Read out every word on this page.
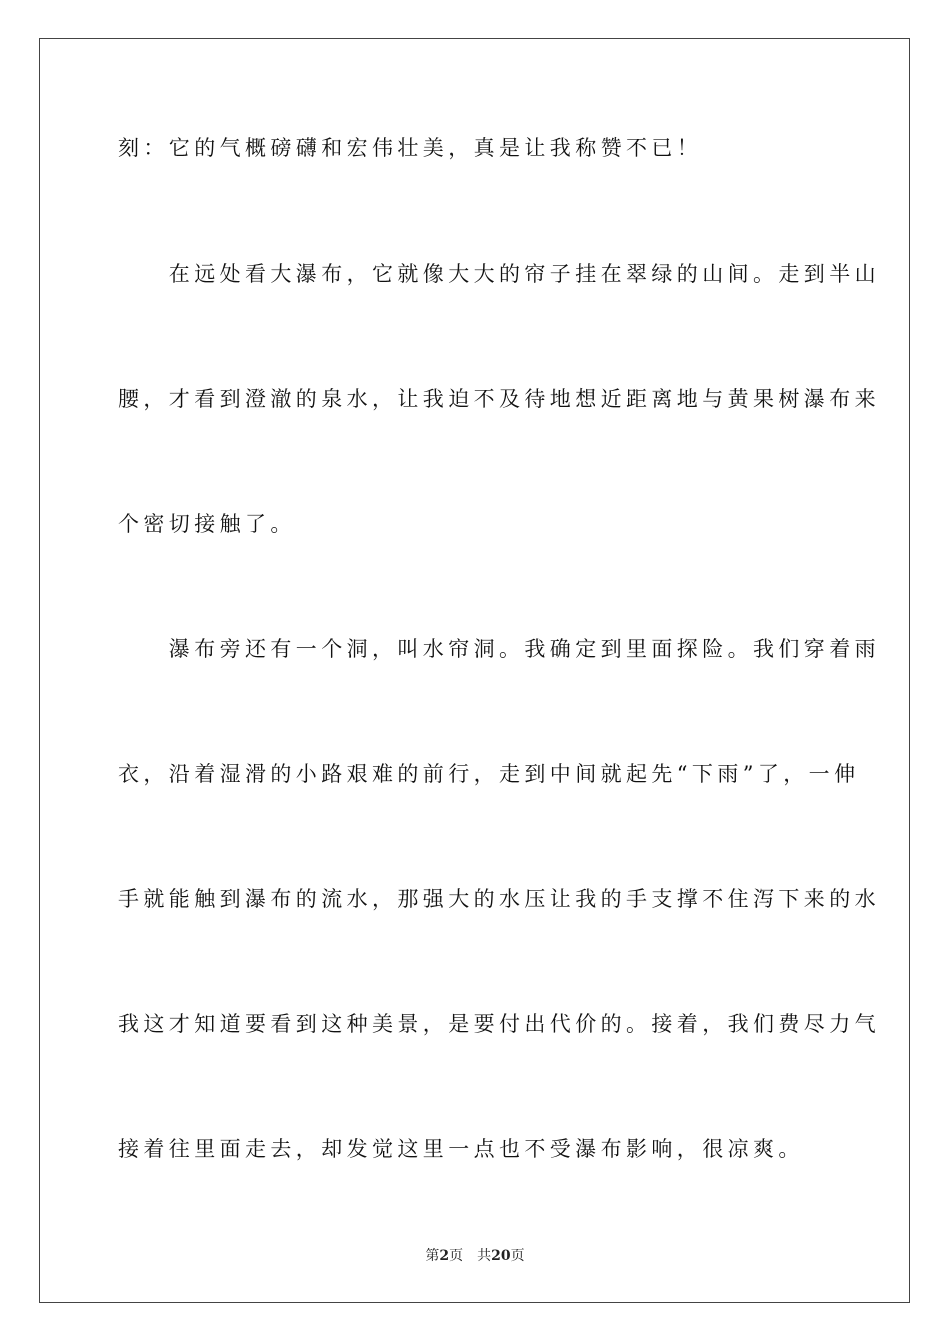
刻：它的气概磅礴和宏伟壮美，真是让我称赞不已！
　　在远处看大瀑布，它就像大大的帘子挂在翠绿的山间。走到半山
腰，才看到澄澈的泉水，让我迫不及待地想近距离地与黄果树瀑布来
个密切接触了。
　　瀑布旁还有一个洞，叫水帘洞。我确定到里面探险。我们穿着雨
衣，沿着湿滑的小路艰难的前行，走到中间就起先“下雨”了，一伸
手就能触到瀑布的流水，那强大的水压让我的手支撑不住泻下来的水
我这才知道要看到这种美景，是要付出代价的。接着，我们费尽力气
接着往里面走去，却发觉这里一点也不受瀑布影响，很凉爽。
第2页 共20页
